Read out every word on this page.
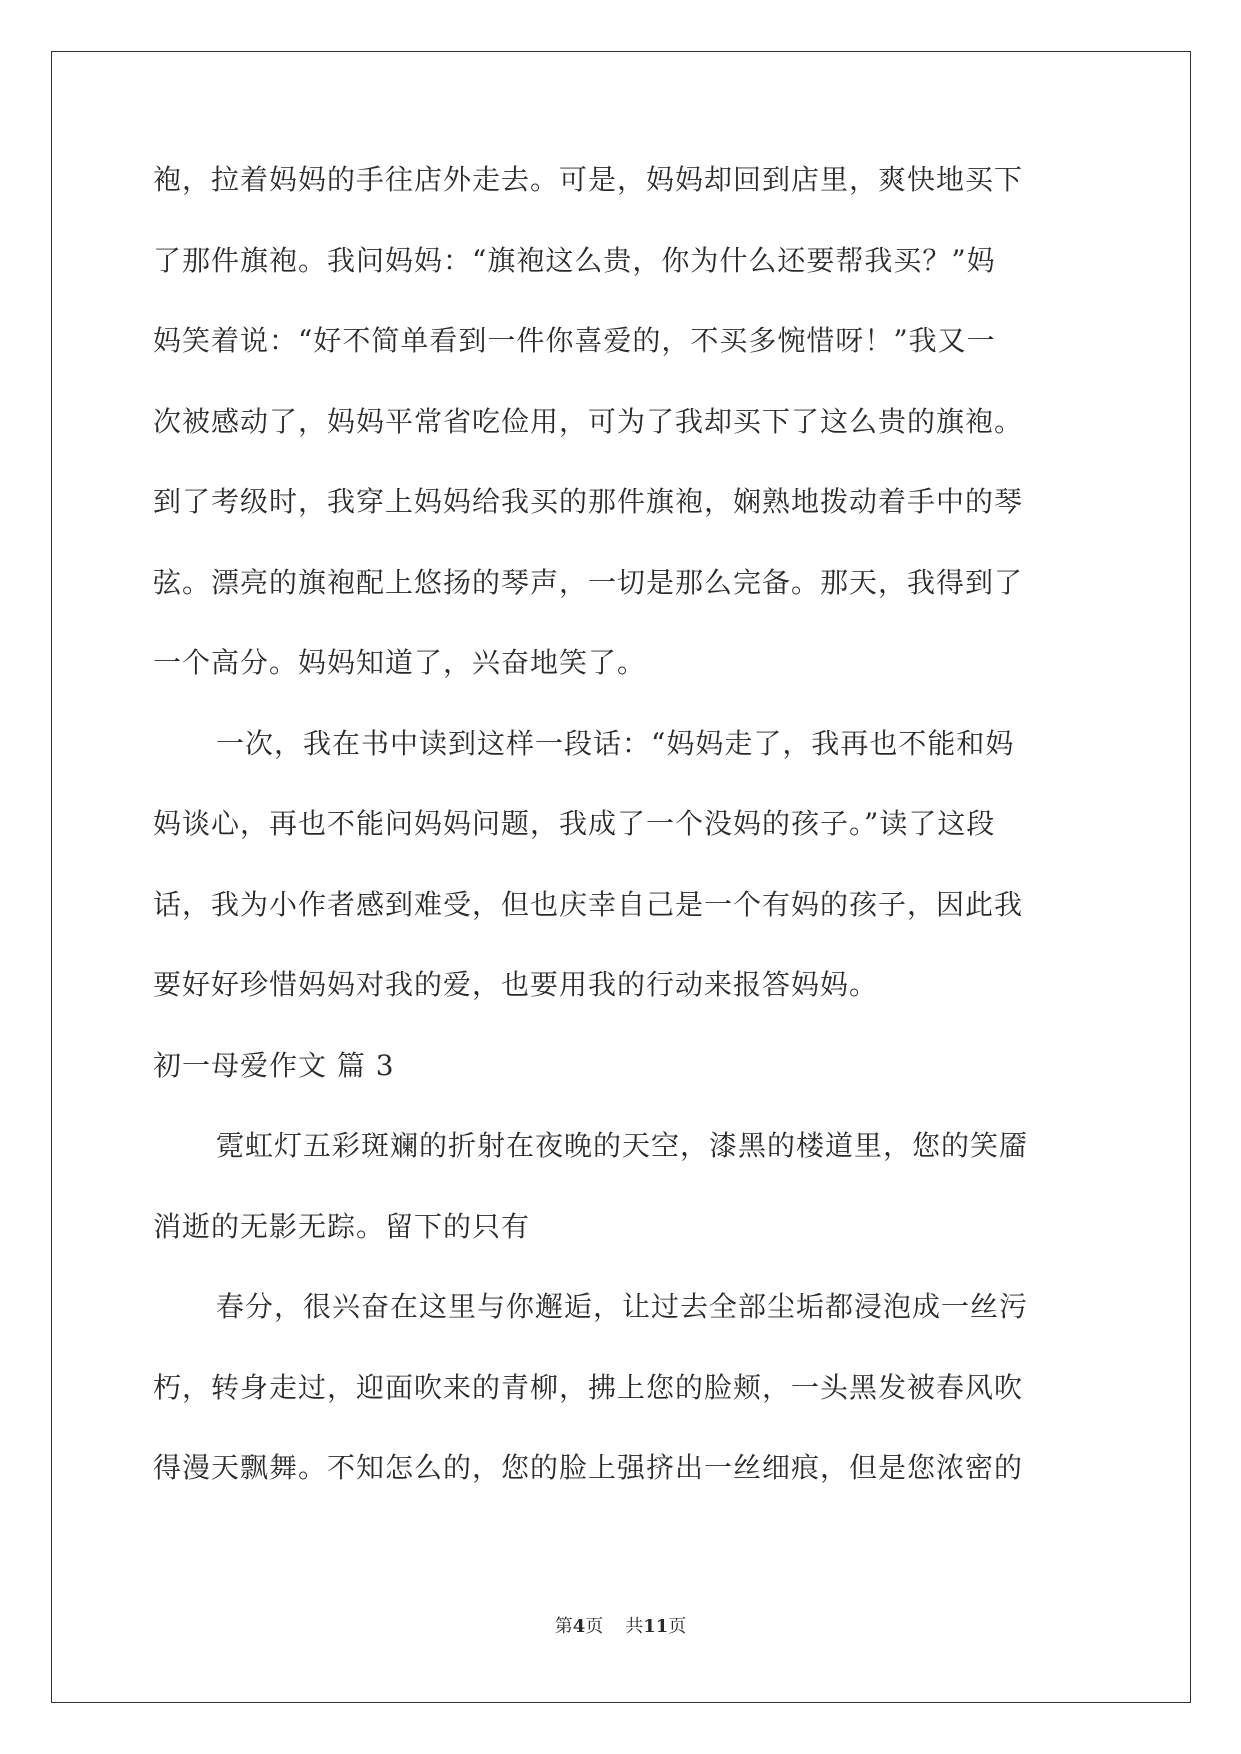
袍，拉着妈妈的手往店外走去。可是，妈妈却回到店里，爽快地买下
了那件旗袍。我问妈妈：“旗袍这么贵，你为什么还要帮我买？”妈
妈笑着说：“好不简单看到一件你喜爱的，不买多惋惜呀！”我又一
次被感动了，妈妈平常省吃俭用，可为了我却买下了这么贵的旗袍。
到了考级时，我穿上妈妈给我买的那件旗袍，娴熟地拨动着手中的琴
弦。漂亮的旗袍配上悠扬的琴声，一切是那么完备。那天，我得到了
一个高分。妈妈知道了，兴奋地笑了。
一次，我在书中读到这样一段话：“妈妈走了，我再也不能和妈
妈谈心，再也不能问妈妈问题，我成了一个没妈的孩子。”读了这段
话，我为小作者感到难受，但也庆幸自己是一个有妈的孩子，因此我
要好好珍惜妈妈对我的爱，也要用我的行动来报答妈妈。
初一母爱作文 篇 3
霓虹灯五彩斑斓的折射在夜晚的天空，漆黑的楼道里，您的笑靥
消逝的无影无踪。留下的只有
春分，很兴奋在这里与你邂逅，让过去全部尘垢都浸泡成一丝污
朽，转身走过，迎面吹来的青柳，拂上您的脸颊，一头黑发被春风吹
得漫天飘舞。不知怎么的，您的脸上强挤出一丝细痕，但是您浓密的
第4页 共11页
